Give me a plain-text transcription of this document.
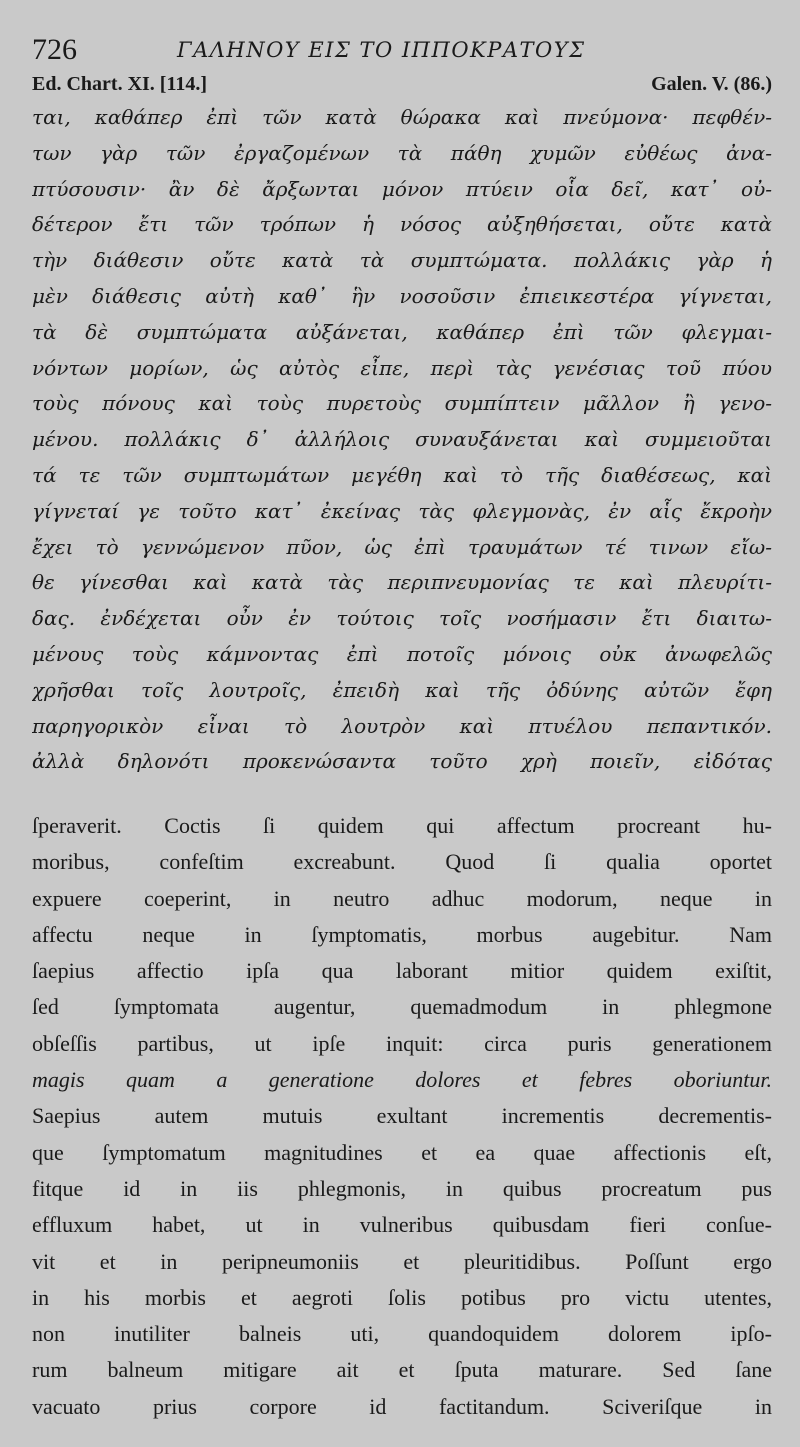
726	ΓΑΛΗΝΟΥ ΕΙΣ ΤΟ ΙΠΠΟΚΡΑΤΟΥΣ
Ed. Chart. XI. [114.]	Galen. V. (86.)
ται, καθάπερ ἐπὶ τῶν κατὰ θώρακα καὶ πνεύμονα· πεφθέν-
των γὰρ τῶν ἐργαζομένων τὰ πάθη χυμῶν εὐθέως ἀνα-
πτύσουσιν· ἂν δὲ ἄρξωνται μόνον πτύειν οἷα δεῖ, κατ᾽ οὐ-
δέτερον ἔτι τῶν τρόπων ἡ νόσος αὐξηθήσεται, οὔτε κατὰ
τὴν διάθεσιν οὔτε κατὰ τὰ συμπτώματα. πολλάκις γὰρ ἡ
μὲν διάθεσις αὐτὴ καθ᾽ ἣν νοσοῦσιν ἐπιεικεστέρα γίγνεται,
τὰ δὲ συμπτώματα αὐξάνεται, καθάπερ ἐπὶ τῶν φλεγμαι-
νόντων μορίων, ὡς αὐτὸς εἶπε, περὶ τὰς γενέσιας τοῦ πύου
τοὺς πόνους καὶ τοὺς πυρετοὺς συμπίπτειν μᾶλλον ἢ γενο-
μένου. πολλάκις δ᾽ ἀλλήλοις συναυξάνεται καὶ συμμειοῦται
τά τε τῶν συμπτωμάτων μεγέθη καὶ τὸ τῆς διαθέσεως, καὶ
γίγνεταί γε τοῦτο κατ᾽ ἐκείνας τὰς φλεγμονὰς, ἐν αἷς ἔκροὴν
ἔχει τὸ γεννώμενον πῦον, ὡς ἐπὶ τραυμάτων τέ τινων εἴω-
θε γίνεσθαι καὶ κατὰ τὰς περιπνευμονίας τε καὶ πλευρίτι-
δας. ἐνδέχεται οὖν ἐν τούτοις τοῖς νοσήμασιν ἔτι διαιτω-
μένους τοὺς κάμνοντας ἐπὶ ποτοῖς μόνοις οὐκ ἀνωφελῶς
χρῆσθαι τοῖς λουτροῖς, ἐπειδὴ καὶ τῆς ὀδύνης αὐτῶν ἔφη
παρηγορικὸν εἶναι τὸ λουτρὸν καὶ πτυέλου πεπαντικόν.
ἀλλὰ δηλονότι προκενώσαντα τοῦτο χρὴ ποιεῖν, εἰδότας
ſperaverit. Coctis ſi quidem qui affectum procreant hu-
moribus, confeſtim excreabunt. Quod ſi qualia oportet
expuere coeperint, in neutro adhuc modorum, neque in
affectu neque in ſymptomatis, morbus augebitur. Nam
ſaepius affectio ipſa qua laborant mitior quidem exiſtit,
ſed ſymptomata augentur, quemadmodum in phlegmone
obſeſſis partibus, ut ipſe inquit: circa puris generationem
magis quam a generatione dolores et febres oboriuntur.
Saepius autem mutuis exultant incrementis decrementis-
que ſymptomatum magnitudines et ea quae affectionis eſt,
fitque id in iis phlegmonis, in quibus procreatum pus
effluxum habet, ut in vulneribus quibusdam fieri conſue-
vit et in peripneumoniis et pleuritidibus. Poſſunt ergo
in his morbis et aegroti ſolis potibus pro victu utentes,
non inutiliter balneis uti, quandoquidem dolorem ipſo-
rum balneum mitigare ait et ſputa maturare. Sed ſane
vacuato prius corpore id factitandum. Sciveriſque in
